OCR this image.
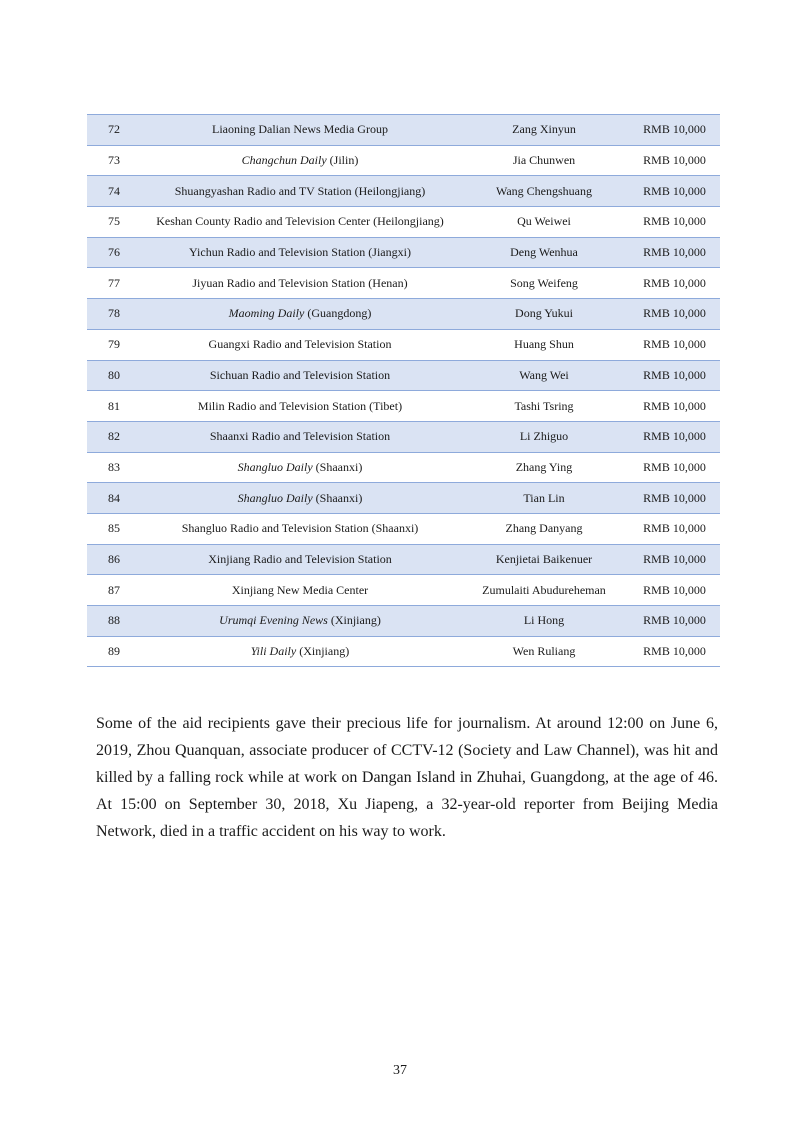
72	Liaoning Dalian News Media Group	Zang Xinyun	RMB 10,000
73	Changchun Daily (Jilin)	Jia Chunwen	RMB 10,000
74	Shuangyashan Radio and TV Station (Heilongjiang)	Wang Chengshuang	RMB 10,000
75	Keshan County Radio and Television Center (Heilongjiang)	Qu Weiwei	RMB 10,000
76	Yichun Radio and Television Station (Jiangxi)	Deng Wenhua	RMB 10,000
77	Jiyuan Radio and Television Station (Henan)	Song Weifeng	RMB 10,000
78	Maoming Daily (Guangdong)	Dong Yukui	RMB 10,000
79	Guangxi Radio and Television Station	Huang Shun	RMB 10,000
80	Sichuan Radio and Television Station	Wang Wei	RMB 10,000
81	Milin Radio and Television Station (Tibet)	Tashi Tsring	RMB 10,000
82	Shaanxi Radio and Television Station	Li Zhiguo	RMB 10,000
83	Shangluo Daily (Shaanxi)	Zhang Ying	RMB 10,000
84	Shangluo Daily (Shaanxi)	Tian Lin	RMB 10,000
85	Shangluo Radio and Television Station (Shaanxi)	Zhang Danyang	RMB 10,000
86	Xinjiang Radio and Television Station	Kenjietai Baikenuer	RMB 10,000
87	Xinjiang New Media Center	Zumulaiti Abudureheman	RMB 10,000
88	Urumqi Evening News (Xinjiang)	Li Hong	RMB 10,000
89	Yili Daily (Xinjiang)	Wen Ruliang	RMB 10,000

Some of the aid recipients gave their precious life for journalism. At around 12:00 on June 6, 2019, Zhou Quanquan, associate producer of CCTV-12 (Society and Law Channel), was hit and killed by a falling rock while at work on Dangan Island in Zhuhai, Guangdong, at the age of 46. At 15:00 on September 30, 2018, Xu Jiapeng, a 32-year-old reporter from Beijing Media Network, died in a traffic accident on his way to work.

37
